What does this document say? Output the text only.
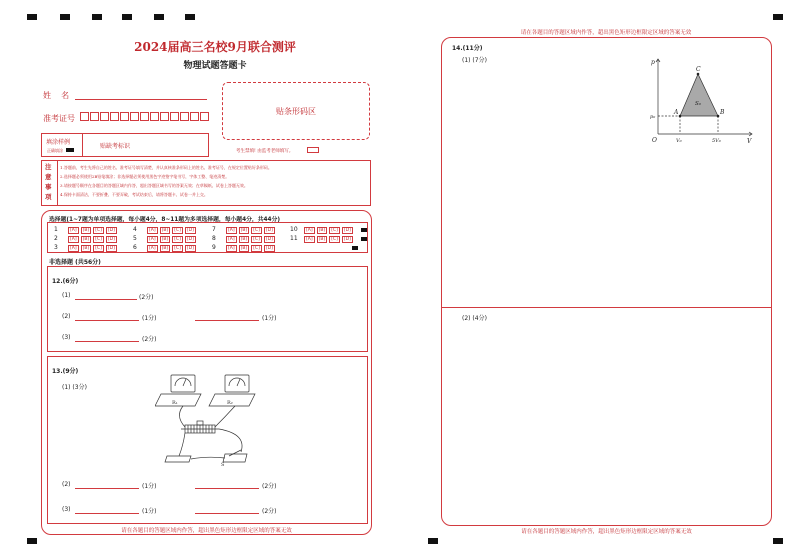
2024届高三名校9月联合测评
物理试题答题卡
姓    名
准考证号
贴条形码区
填涂样例
正确填涂
贴缺考标识
考生禁填! 由监考老师填写。
注意事项
1.答题前，考生先将自己的姓名、准考证号填写清楚，并认真核准条形码上的姓名、准考证号，在规定位置贴好条形码。
2.选择题必须使用2B铅笔填涂；非选择题必须使用黑色字迹签字笔书写，字体工整、笔迹清楚。
3.请按题号顺序在各题目的答题区域内作答，超出答题区域书写的答案无效；在草稿纸、试卷上答题无效。
4.保持卡面清洁，不要折叠、不要弄破，考试结束后，请将答题卡、试卷一并上交。
选择题(1~7题为单项选择题，每小题4分，8~11题为多项选择题，每小题4分，共44分)
1	[A] [B] [C] [D]
2	[A] [B] [C] [D]
3	[A] [B] [C] [D]
4	[A] [B] [C] [D]
5	[A] [B] [C] [D]
6	[A] [B] [C] [D]
7	[A] [B] [C] [D]
8	[A] [B] [C] [D]
9	[A] [B] [C] [D]
10 [A] [B] [C] [D]
11 [A] [B] [C] [D]
非选择题 (共56分)
12.(6分)
(1)	(2分)
(2)	(1分)	(1分)
(3)	(2分)
13.(9分)
(1) (3分)
R₁	R₂
S
(2)	(1分)	(2分)
(3)	(1分)	(2分)
请在各题目的答题区域内作答，超出黑色矩形边框限定区域的答案无效
请在各题目的答题区域内作答，超出黑色矩形边框限定区域的答案无效
14.(11分)
(1) (7分)
(2) (4分)
p
V
O
A	B
C
S₀
p₀
V₀	5V₀
请在各题目的答题区域内作答，超出黑色矩形边框限定区域的答案无效
